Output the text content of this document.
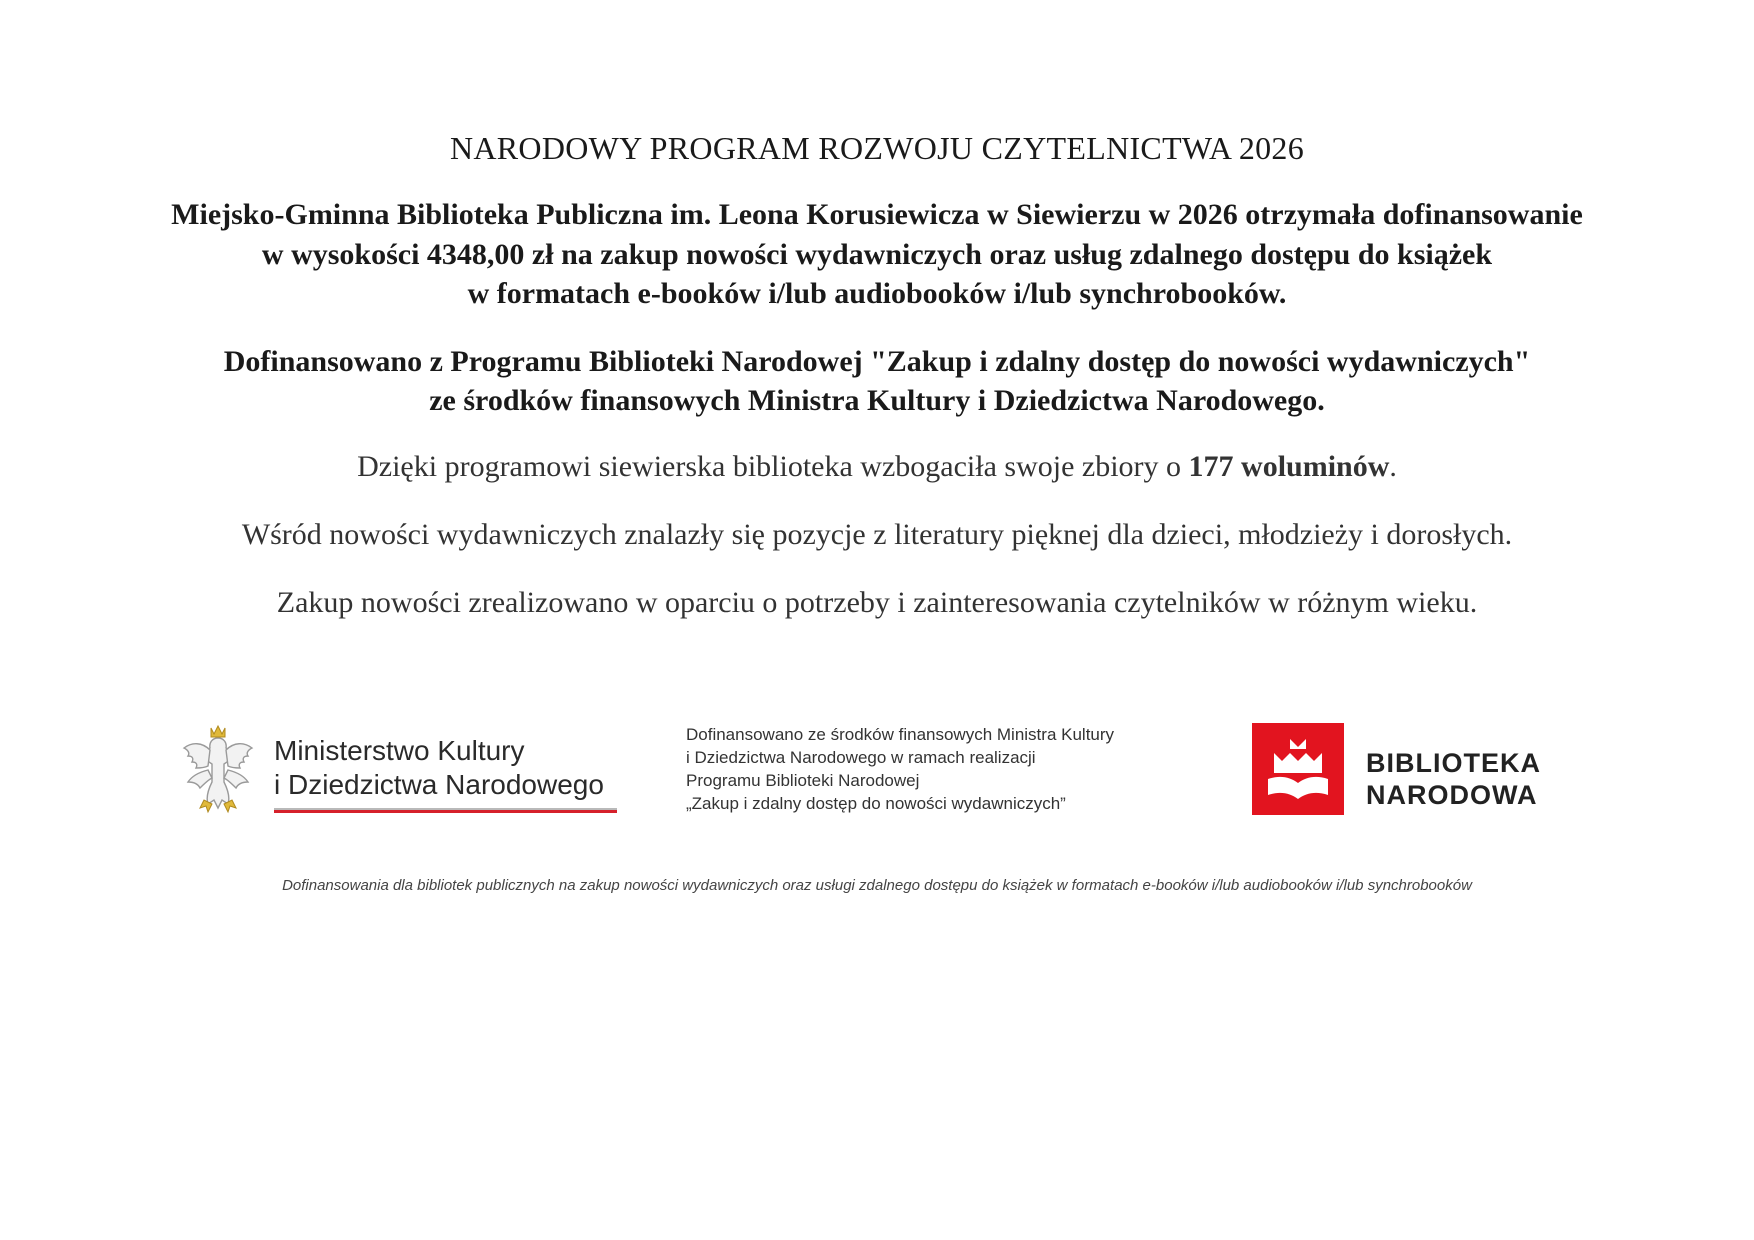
NARODOWY PROGRAM ROZWOJU CZYTELNICTWA 2026
Miejsko-Gminna Biblioteka Publiczna im. Leona Korusiewicza w Siewierzu w 2026 otrzymała dofinansowanie
w wysokości 4348,00 zł na zakup nowości wydawniczych oraz usług zdalnego dostępu do książek
w formatach e-booków i/lub audiobooków i/lub synchrobooków.
Dofinansowano z Programu Biblioteki Narodowej "Zakup i zdalny dostęp do nowości wydawniczych"
ze środków finansowych Ministra Kultury i Dziedzictwa Narodowego.
Dzięki programowi siewierska biblioteka wzbogaciła swoje zbiory o 177 woluminów.
Wśród nowości wydawniczych znalazły się pozycje z literatury pięknej dla dzieci, młodzieży i dorosłych.
Zakup nowości zrealizowano w oparciu o potrzeby i zainteresowania czytelników w różnym wieku.
Ministerstwo Kultury
i Dziedzictwa Narodowego
Dofinansowano ze środków finansowych Ministra Kultury
i Dziedzictwa Narodowego w ramach realizacji
Programu Biblioteki Narodowej
„Zakup i zdalny dostęp do nowości wydawniczych”
BIBLIOTEKA
NARODOWA
Dofinansowania dla bibliotek publicznych na zakup nowości wydawniczych oraz usługi zdalnego dostępu do książek w formatach e-booków i/lub audiobooków i/lub synchrobooków
